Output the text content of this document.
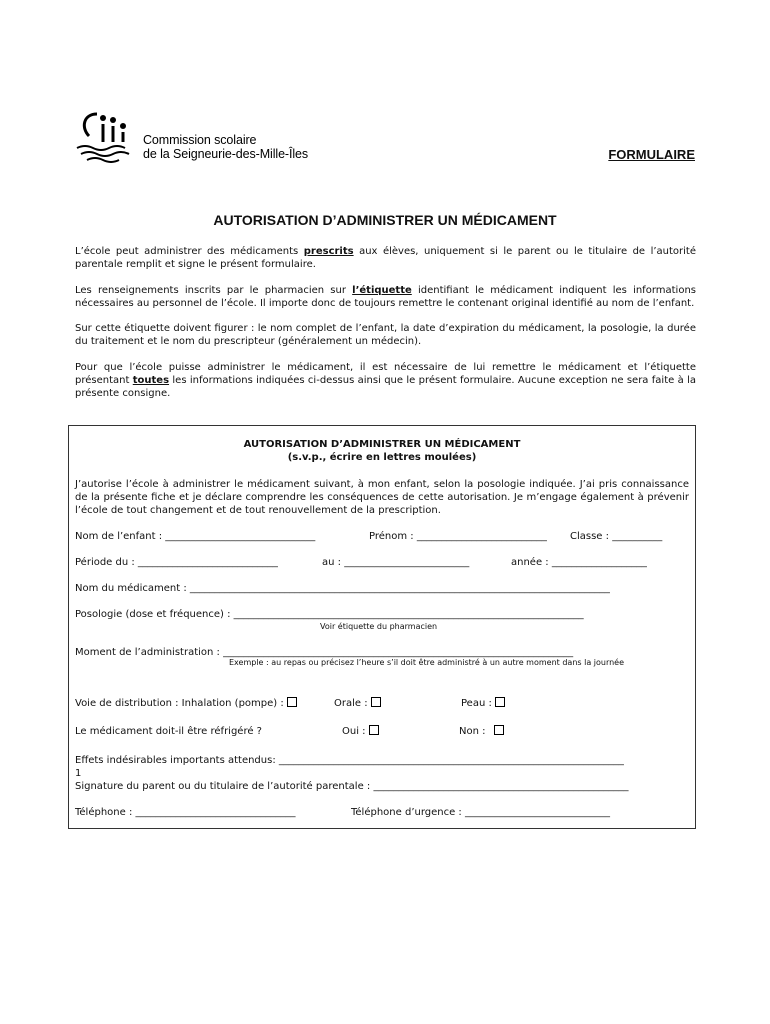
Commission scolaire
de la Seigneurie-des-Mille-Îles	FORMULAIRE
AUTORISATION D’ADMINISTRER UN MÉDICAMENT
L’école peut administrer des médicaments prescrits aux élèves, uniquement si le parent ou le titulaire de l’autorité parentale remplit et signe le présent formulaire.
Les renseignements inscrits par le pharmacien sur l’étiquette identifiant le médicament indiquent les informations nécessaires au personnel de l’école. Il importe donc de toujours remettre le contenant original identifié au nom de l’enfant.
Sur cette étiquette doivent figurer : le nom complet de l’enfant, la date d’expiration du médicament, la posologie, la durée du traitement et le nom du prescripteur (généralement un médecin).
Pour que l’école puisse administrer le médicament, il est nécessaire de lui remettre le médicament et l’étiquette présentant toutes les informations indiquées ci-dessus ainsi que le présent formulaire. Aucune exception ne sera faite à la présente consigne.
AUTORISATION D’ADMINISTRER UN MÉDICAMENT
(s.v.p., écrire en lettres moulées)
J’autorise l’école à administrer le médicament suivant, à mon enfant, selon la posologie indiquée. J’ai pris connaissance de la présente fiche et je déclare comprendre les conséquences de cette autorisation. Je m’engage également à prévenir l’école de tout changement et de tout renouvellement de la prescription.
Nom de l’enfant : ______________________________	Prénom : __________________________ Classe : __________
Période du : ____________________________	au : _________________________	année : ___________________
Nom du médicament : ____________________________________________________________________________________
Posologie (dose et fréquence) : ______________________________________________________________________
Voir étiquette du pharmacien
Moment de l’administration : ______________________________________________________________________
Exemple : au repas ou précisez l’heure s’il doit être administré à un autre moment dans la journée
Voie de distribution : Inhalation (pompe) :	Orale :	Peau :
Le médicament doit-il être réfrigéré ?	Oui :	Non :
Effets indésirables importants attendus: _____________________________________________________________________
1
Signature du parent ou du titulaire de l’autorité parentale : ___________________________________________________
Téléphone : ________________________________	Téléphone d’urgence : _____________________________
